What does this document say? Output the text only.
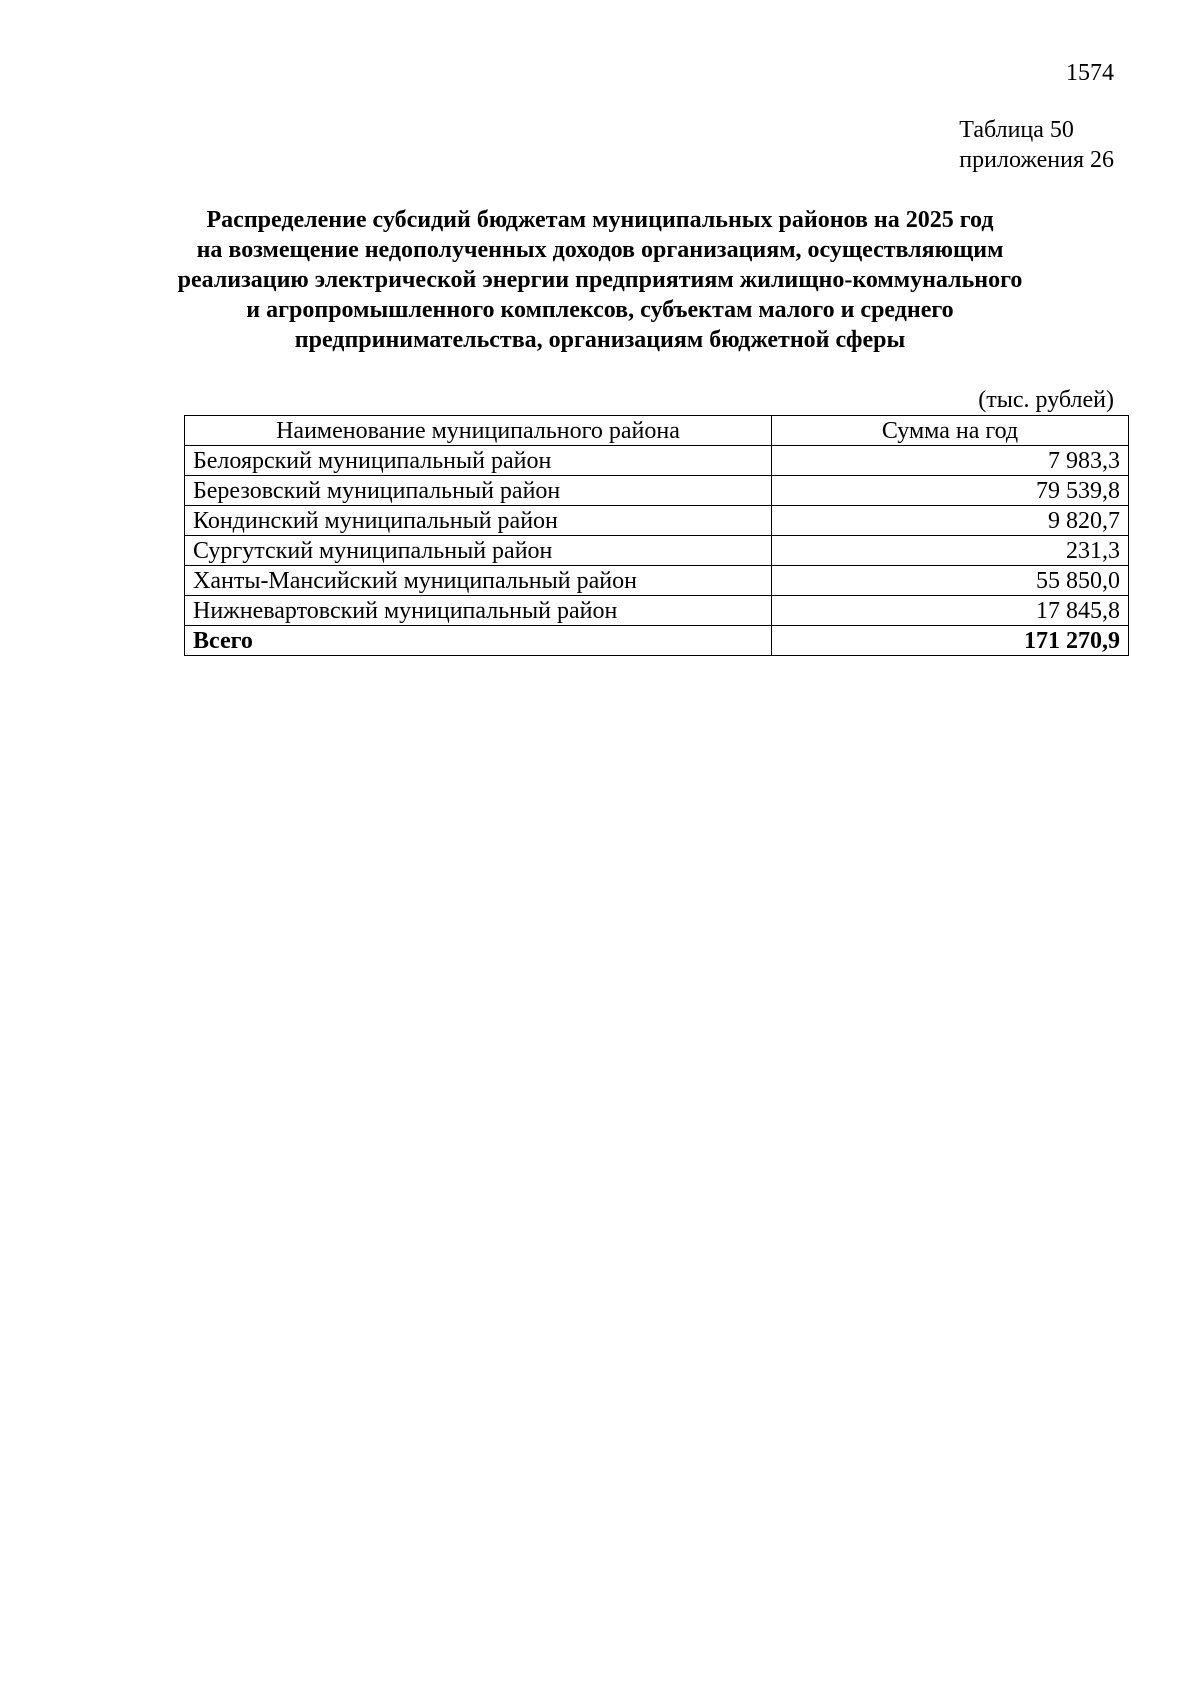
1574
Таблица 50
приложения 26
Распределение субсидий бюджетам муниципальных районов на 2025 год
на возмещение недополученных доходов организациям, осуществляющим
реализацию электрической энергии предприятиям жилищно-коммунального
и агропромышленного комплексов, субъектам малого и среднего
предпринимательства, организациям бюджетной сферы
(тыс. рублей)
Наименование муниципального района	Сумма на год
Белоярский муниципальный район	7 983,3
Березовский муниципальный район	79 539,8
Кондинский муниципальный район	9 820,7
Сургутский муниципальный район	231,3
Ханты-Мансийский муниципальный район	55 850,0
Нижневартовский муниципальный район	17 845,8
Всего	171 270,9
